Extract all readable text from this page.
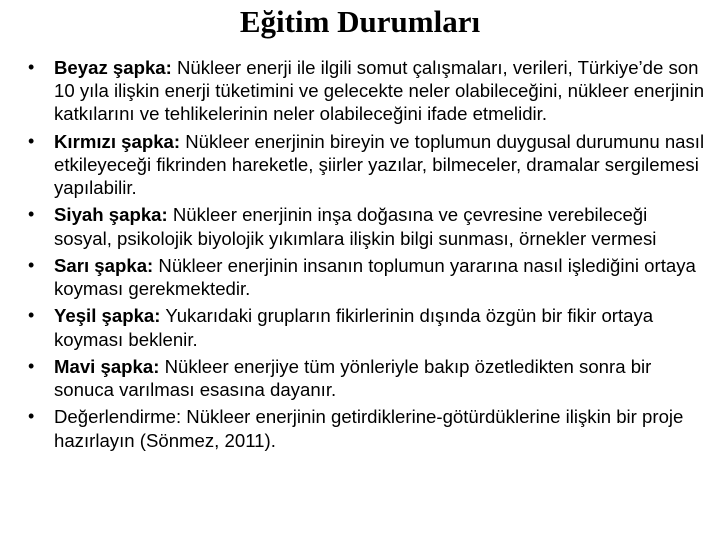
Eğitim Durumları
• Beyaz şapka: Nükleer enerji ile ilgili somut çalışmaları, verileri, Türkiye’de son 10 yıla ilişkin enerji tüketimini ve gelecekte neler olabileceğini, nükleer enerjinin katkılarını ve tehlikelerinin neler olabileceğini ifade etmelidir.
• Kırmızı şapka: Nükleer enerjinin bireyin ve toplumun duygusal durumunu nasıl etkileyeceği fikrinden hareketle, şiirler yazılar, bilmeceler, dramalar sergilemesi yapılabilir.
• Siyah şapka: Nükleer enerjinin inşa doğasına ve çevresine verebileceği sosyal, psikolojik biyolojik yıkımlara ilişkin bilgi sunması, örnekler vermesi
• Sarı şapka: Nükleer enerjinin insanın toplumun yararına nasıl işlediğini ortaya koyması gerekmektedir.
• Yeşil şapka: Yukarıdaki grupların fikirlerinin dışında özgün bir fikir ortaya koyması beklenir.
• Mavi şapka: Nükleer enerjiye tüm yönleriyle bakıp özetledikten sonra bir sonuca varılması esasına dayanır.
• Değerlendirme: Nükleer enerjinin getirdiklerine-götürdüklerine ilişkin bir proje hazırlayın (Sönmez, 2011).
